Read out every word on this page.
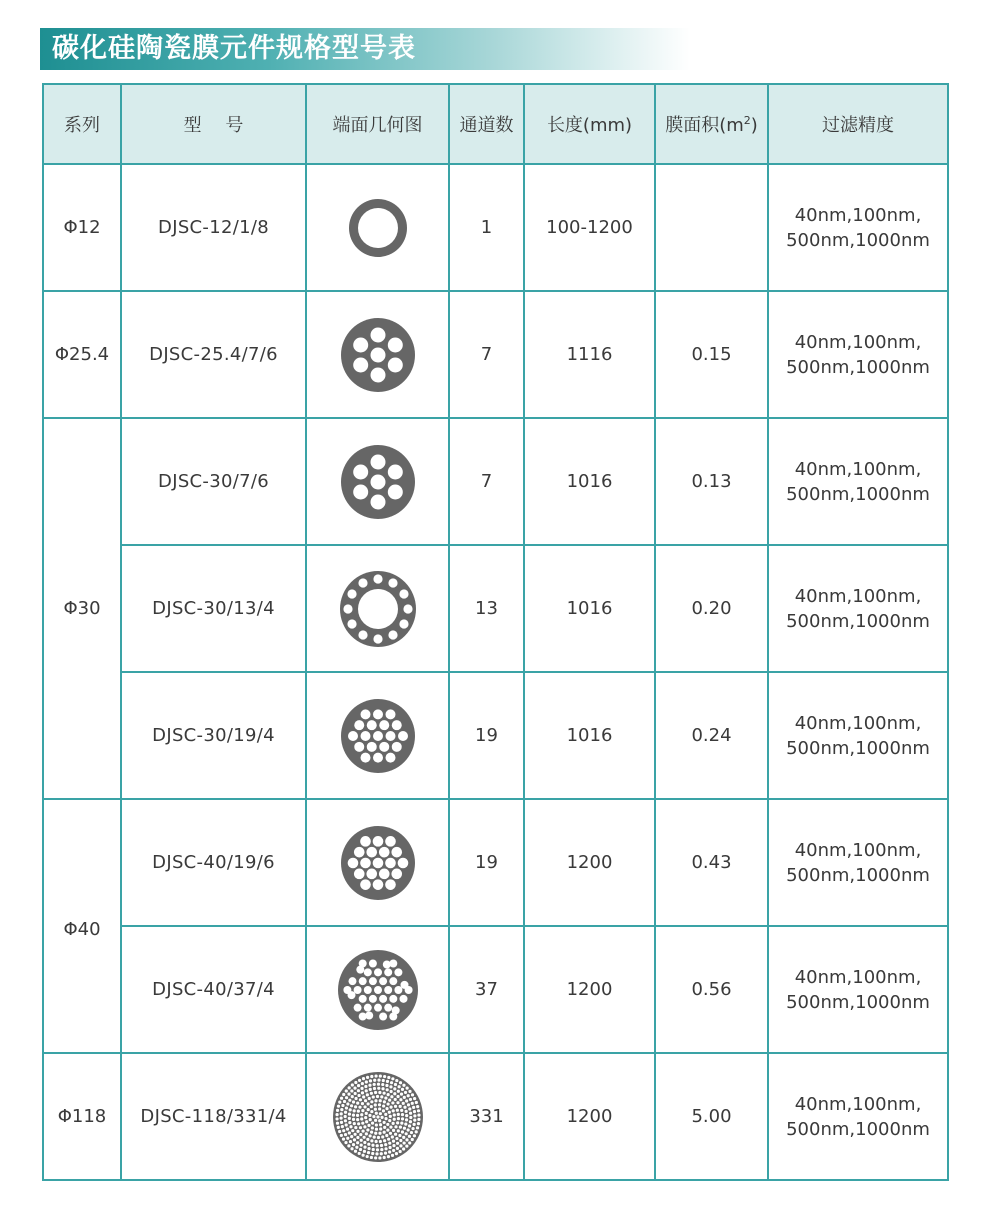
碳化硅陶瓷膜元件规格型号表
系列	型　 号	端面几何图	通道数	长度(mm)	膜面积$(m^2)$	过滤精度
Φ12	DJSC-12/1/8		1	100-1200		40nm,100nm,
500nm,1000nm

Φ25.4	DJSC-25.4/7/6		7	1116	0.15	40nm,100nm,
500nm,1000nm

Φ30	DJSC-30/7/6		7	1016	0.13	40nm,100nm,
500nm,1000nm

	DJSC-30/13/4		13	1016	0.20	40nm,100nm,
500nm,1000nm

	DJSC-30/19/4		19	1016	0.24	40nm,100nm,
500nm,1000nm

Φ40	DJSC-40/19/6		19	1200	0.43	40nm,100nm,
500nm,1000nm

	DJSC-40/37/4		37	1200	0.56	40nm,100nm,
500nm,1000nm

Φ118	DJSC-118/331/4		331	1200	5.00	40nm,100nm,
500nm,1000nm
